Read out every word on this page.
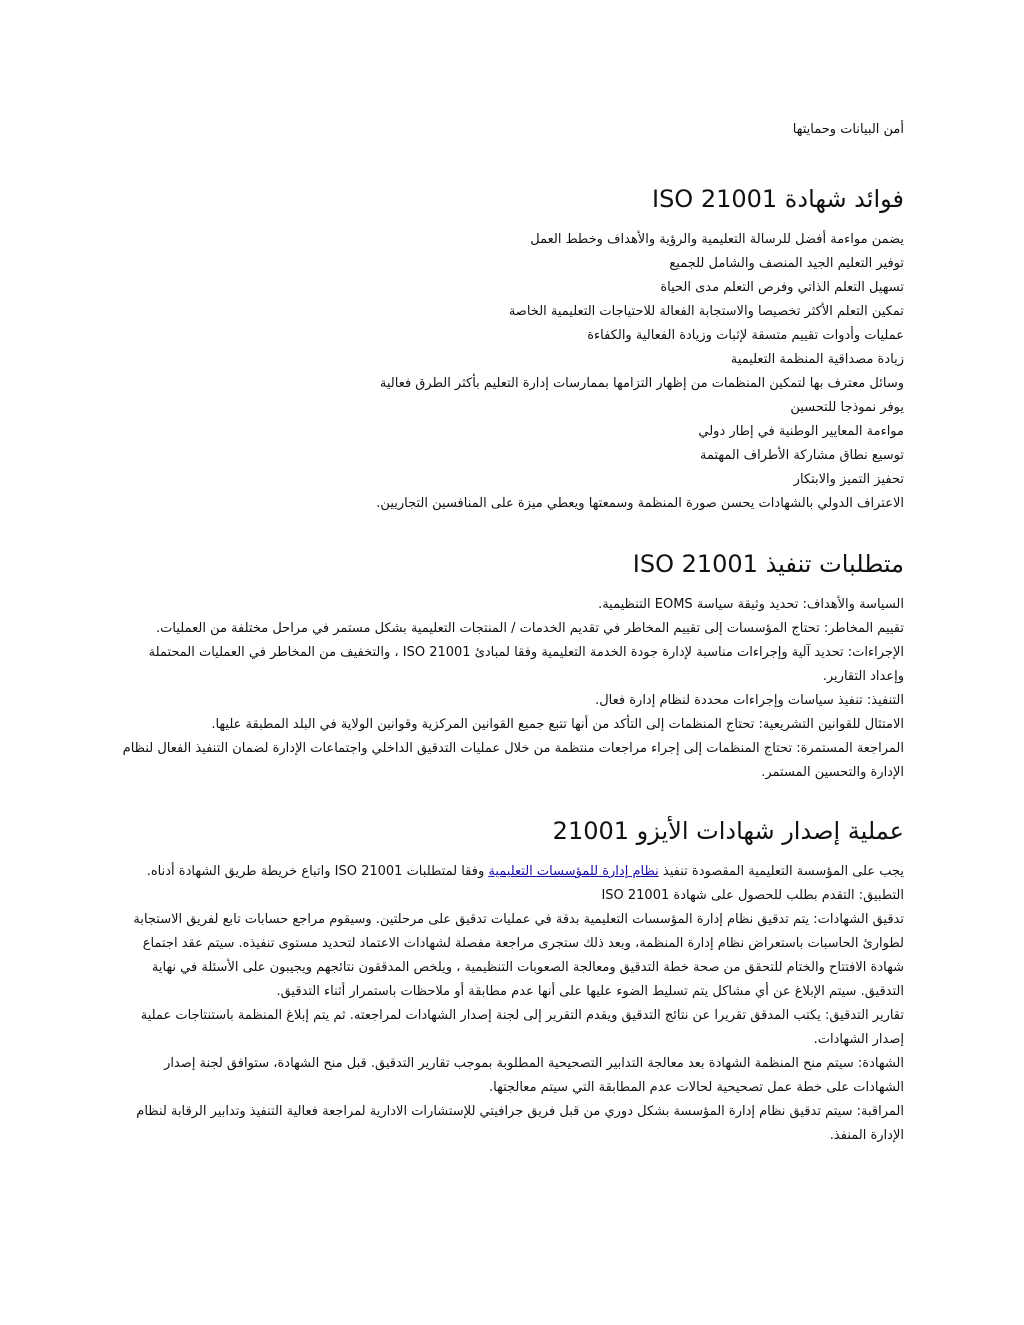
أمن البيانات وحمايتها
فوائد شهادة ISO 21001
يضمن مواءمة أفضل للرسالة التعليمية والرؤية والأهداف وخطط العمل
توفير التعليم الجيد المنصف والشامل للجميع
تسهيل التعلم الذاتي وفرص التعلم مدى الحياة
تمكين التعلم الأكثر تخصيصا والاستجابة الفعالة للاحتياجات التعليمية الخاصة
عمليات وأدوات تقييم متسقة لإثبات وزيادة الفعالية والكفاءة
زيادة مصداقية المنظمة التعليمية
وسائل معترف بها لتمكين المنظمات من إظهار التزامها بممارسات إدارة التعليم بأكثر الطرق فعالية
يوفر نموذجا للتحسين
مواءمة المعايير الوطنية في إطار دولي
توسيع نطاق مشاركة الأطراف المهتمة
تحفيز التميز والابتكار
الاعتراف الدولي بالشهادات يحسن صورة المنظمة وسمعتها ويعطي ميزة على المنافسين التجاريين.
متطلبات تنفيذ ISO 21001
السياسة والأهداف: تحديد وثيقة سياسة EOMS التنظيمية.
تقييم المخاطر: تحتاج المؤسسات إلى تقييم المخاطر في تقديم الخدمات / المنتجات التعليمية بشكل مستمر في مراحل مختلفة من العمليات.
الإجراءات: تحديد آلية وإجراءات مناسبة لإدارة جودة الخدمة التعليمية وفقا لمبادئ ISO 21001 ، والتخفيف من المخاطر في العمليات المحتملة وإعداد التقارير.
التنفيذ: تنفيذ سياسات وإجراءات محددة لنظام إدارة فعال.
الامتثال للقوانين التشريعية: تحتاج المنظمات إلى التأكد من أنها تتبع جميع القوانين المركزية وقوانين الولاية في البلد المطبقة عليها.
المراجعة المستمرة: تحتاج المنظمات إلى إجراء مراجعات منتظمة من خلال عمليات التدقيق الداخلي واجتماعات الإدارة لضمان التنفيذ الفعال لنظام الإدارة والتحسين المستمر.
عملية إصدار شهادات الأيزو 21001
يجب على المؤسسة التعليمية المقصودة تنفيذ نظام إدارة للمؤسسات التعليمية وفقا لمتطلبات ISO 21001 واتباع خريطة طريق الشهادة أدناه.
التطبيق: التقدم بطلب للحصول على شهادة ISO 21001
تدقيق الشهادات: يتم تدقيق نظام إدارة المؤسسات التعليمية بدقة في عمليات تدقيق على مرحلتين. وسيقوم مراجع حسابات تابع لفريق الاستجابة لطوارئ الحاسبات باستعراض نظام إدارة المنظمة، وبعد ذلك ستجرى مراجعة مفصلة لشهادات الاعتماد لتحديد مستوى تنفيذه. سيتم عقد اجتماع شهادة الافتتاح والختام للتحقق من صحة خطة التدقيق ومعالجة الصعوبات التنظيمية ، ويلخص المدققون نتائجهم ويجيبون على الأسئلة في نهاية التدقيق. سيتم الإبلاغ عن أي مشاكل يتم تسليط الضوء عليها على أنها عدم مطابقة أو ملاحظات باستمرار أثناء التدقيق.
تقارير التدقيق: يكتب المدقق تقريرا عن نتائج التدقيق ويقدم التقرير إلى لجنة إصدار الشهادات لمراجعته. ثم يتم إبلاغ المنظمة باستنتاجات عملية إصدار الشهادات.
الشهادة: سيتم منح المنظمة الشهادة بعد معالجة التدابير التصحيحية المطلوبة بموجب تقارير التدقيق. قبل منح الشهادة، ستوافق لجنة إصدار الشهادات على خطة عمل تصحيحية لحالات عدم المطابقة التي سيتم معالجتها.
المراقبة: سيتم تدقيق نظام إدارة المؤسسة بشكل دوري من قبل فريق جرافيتي للإستشارات الادارية لمراجعة فعالية التنفيذ وتدابير الرقابة لنظام الإدارة المنفذ.
